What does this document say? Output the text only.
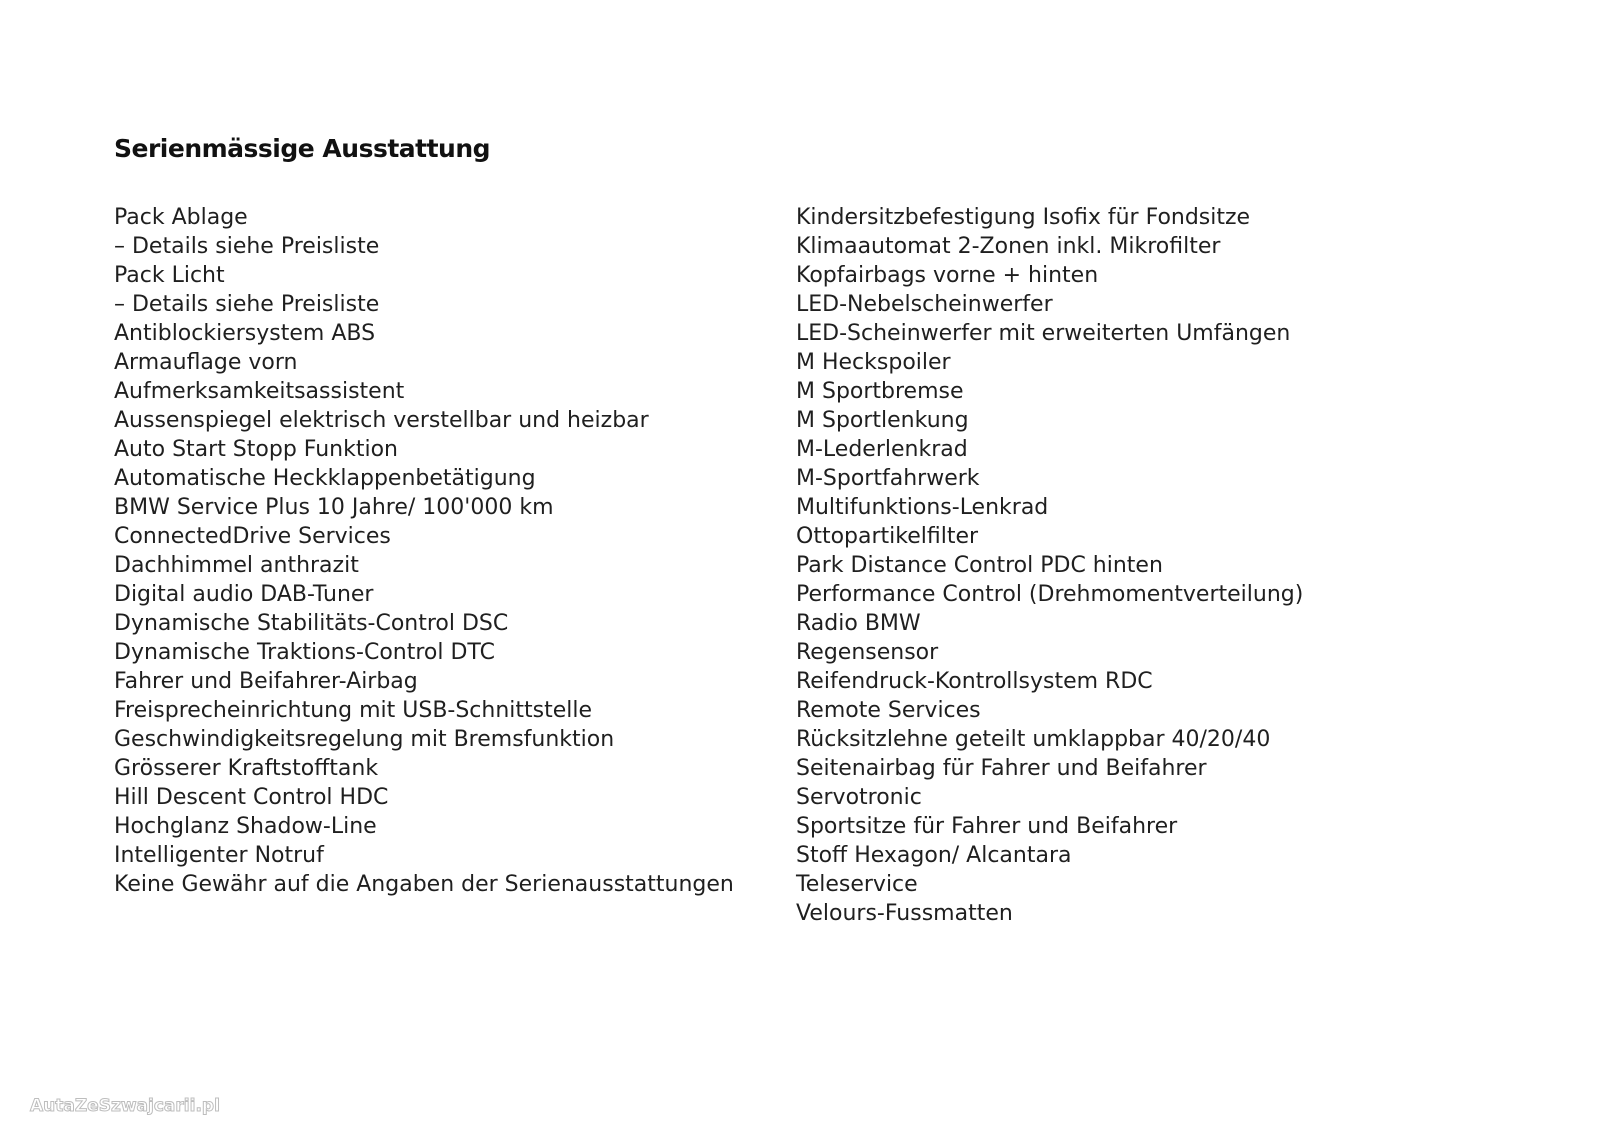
Serienmässige Ausstattung
Pack Ablage
– Details siehe Preisliste
Pack Licht
– Details siehe Preisliste
Antiblockiersystem ABS
Armauflage vorn
Aufmerksamkeitsassistent
Aussenspiegel elektrisch verstellbar und heizbar
Auto Start Stopp Funktion
Automatische Heckklappenbetätigung
BMW Service Plus 10 Jahre/ 100'000 km
ConnectedDrive Services
Dachhimmel anthrazit
Digital audio DAB-Tuner
Dynamische Stabilitäts-Control DSC
Dynamische Traktions-Control DTC
Fahrer und Beifahrer-Airbag
Freisprecheinrichtung mit USB-Schnittstelle
Geschwindigkeitsregelung mit Bremsfunktion
Grösserer Kraftstofftank
Hill Descent Control HDC
Hochglanz Shadow-Line
Intelligenter Notruf
Keine Gewähr auf die Angaben der Serienausstattungen
Kindersitzbefestigung Isofix für Fondsitze
Klimaautomat 2-Zonen inkl. Mikrofilter
Kopfairbags vorne + hinten
LED-Nebelscheinwerfer
LED-Scheinwerfer mit erweiterten Umfängen
M Heckspoiler
M Sportbremse
M Sportlenkung
M-Lederlenkrad
M-Sportfahrwerk
Multifunktions-Lenkrad
Ottopartikelfilter
Park Distance Control PDC hinten
Performance Control (Drehmomentverteilung)
Radio BMW
Regensensor
Reifendruck-Kontrollsystem RDC
Remote Services
Rücksitzlehne geteilt umklappbar 40/20/40
Seitenairbag für Fahrer und Beifahrer
Servotronic
Sportsitze für Fahrer und Beifahrer
Stoff Hexagon/ Alcantara
Teleservice
Velours-Fussmatten
AutaZeSzwajcarii.pl
